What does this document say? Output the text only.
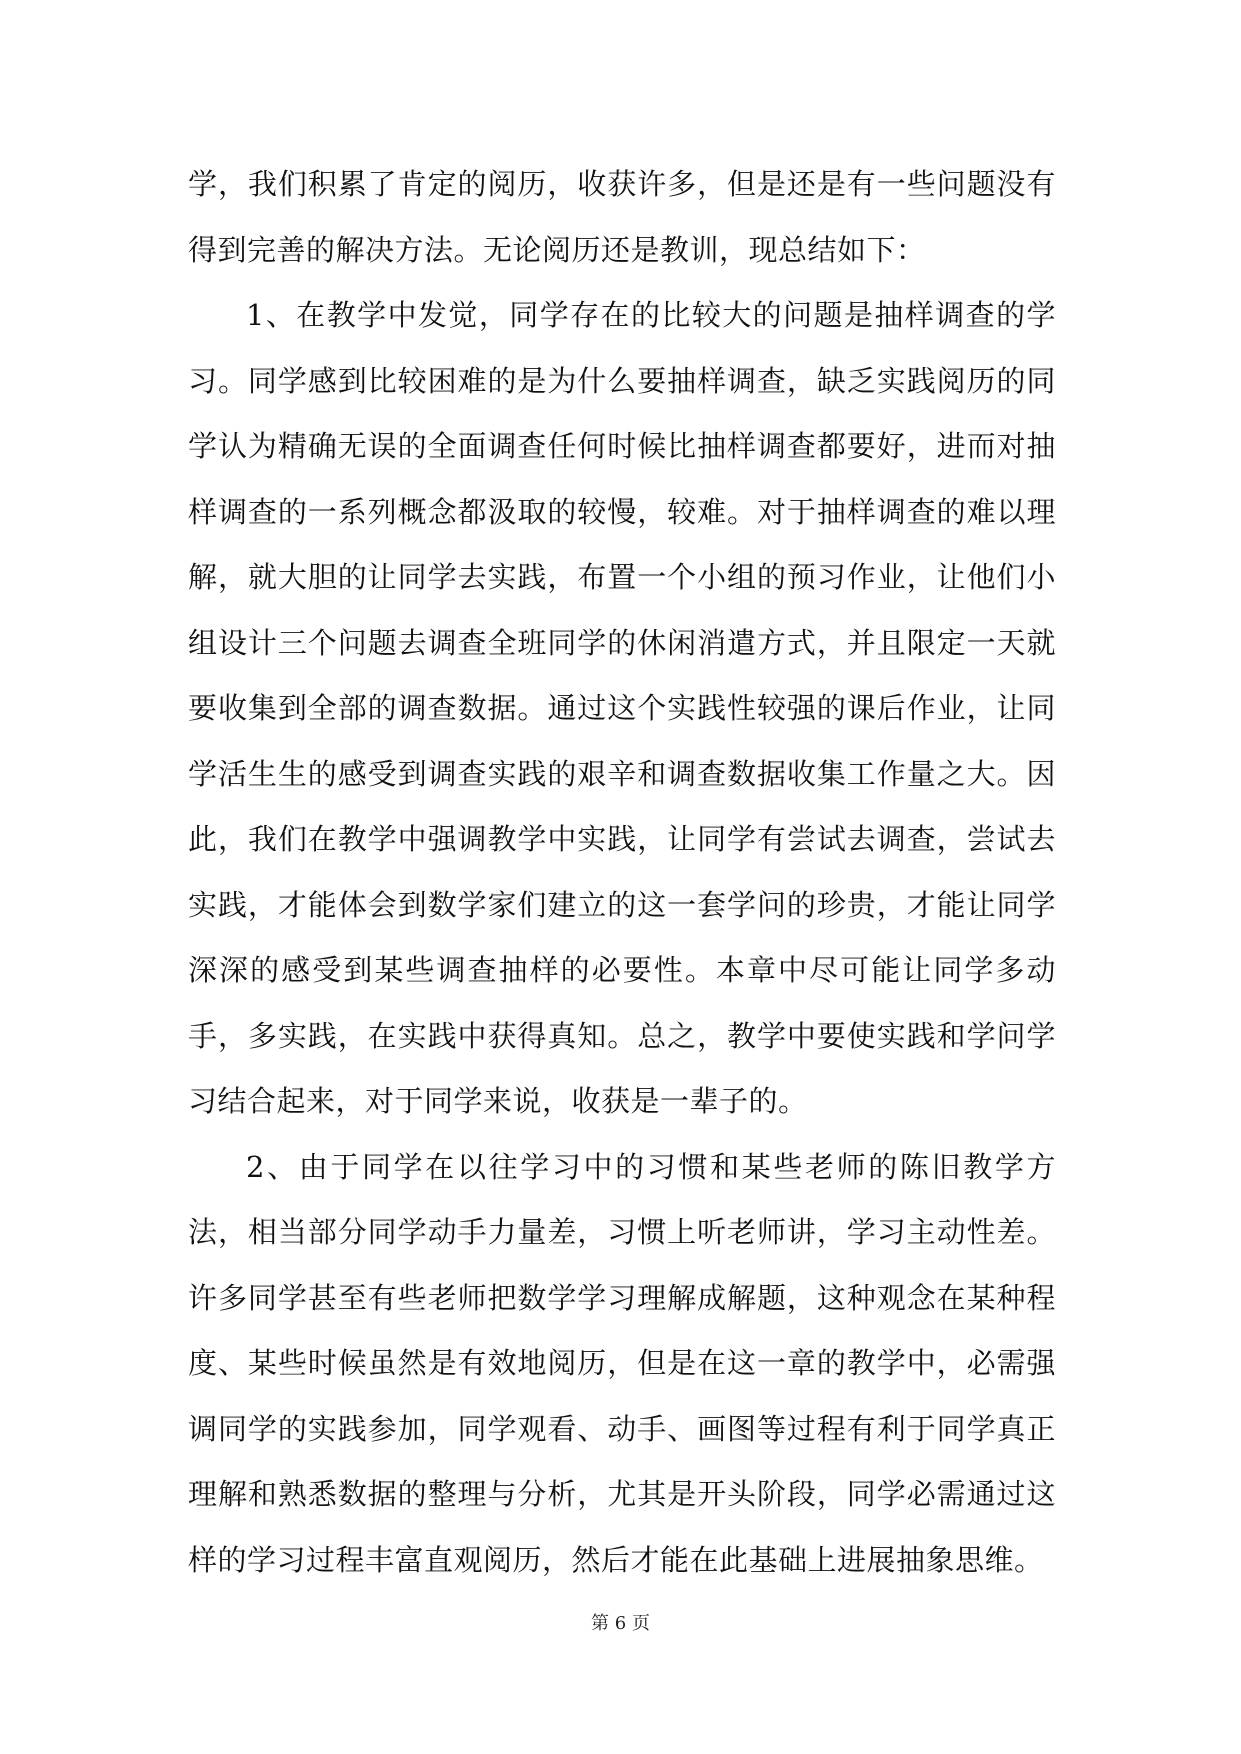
学，我们积累了肯定的阅历，收获许多，但是还是有一些问题没有得到完善的解决方法。无论阅历还是教训，现总结如下：

1、在教学中发觉，同学存在的比较大的问题是抽样调查的学习。同学感到比较困难的是为什么要抽样调查，缺乏实践阅历的同学认为精确无误的全面调查任何时候比抽样调查都要好，进而对抽样调查的一系列概念都汲取的较慢，较难。对于抽样调查的难以理解，就大胆的让同学去实践，布置一个小组的预习作业，让他们小组设计三个问题去调查全班同学的休闲消遣方式，并且限定一天就要收集到全部的调查数据。通过这个实践性较强的课后作业，让同学活生生的感受到调查实践的艰辛和调查数据收集工作量之大。因此，我们在教学中强调教学中实践，让同学有尝试去调查，尝试去实践，才能体会到数学家们建立的这一套学问的珍贵，才能让同学深深的感受到某些调查抽样的必要性。本章中尽可能让同学多动手，多实践，在实践中获得真知。总之，教学中要使实践和学问学习结合起来，对于同学来说，收获是一辈子的。

2、由于同学在以往学习中的习惯和某些老师的陈旧教学方法，相当部分同学动手力量差，习惯上听老师讲，学习主动性差。许多同学甚至有些老师把数学学习理解成解题，这种观念在某种程度、某些时候虽然是有效地阅历，但是在这一章的教学中，必需强调同学的实践参加，同学观看、动手、画图等过程有利于同学真正理解和熟悉数据的整理与分析，尤其是开头阶段，同学必需通过这样的学习过程丰富直观阅历，然后才能在此基础上进展抽象思维。

第 6 页
